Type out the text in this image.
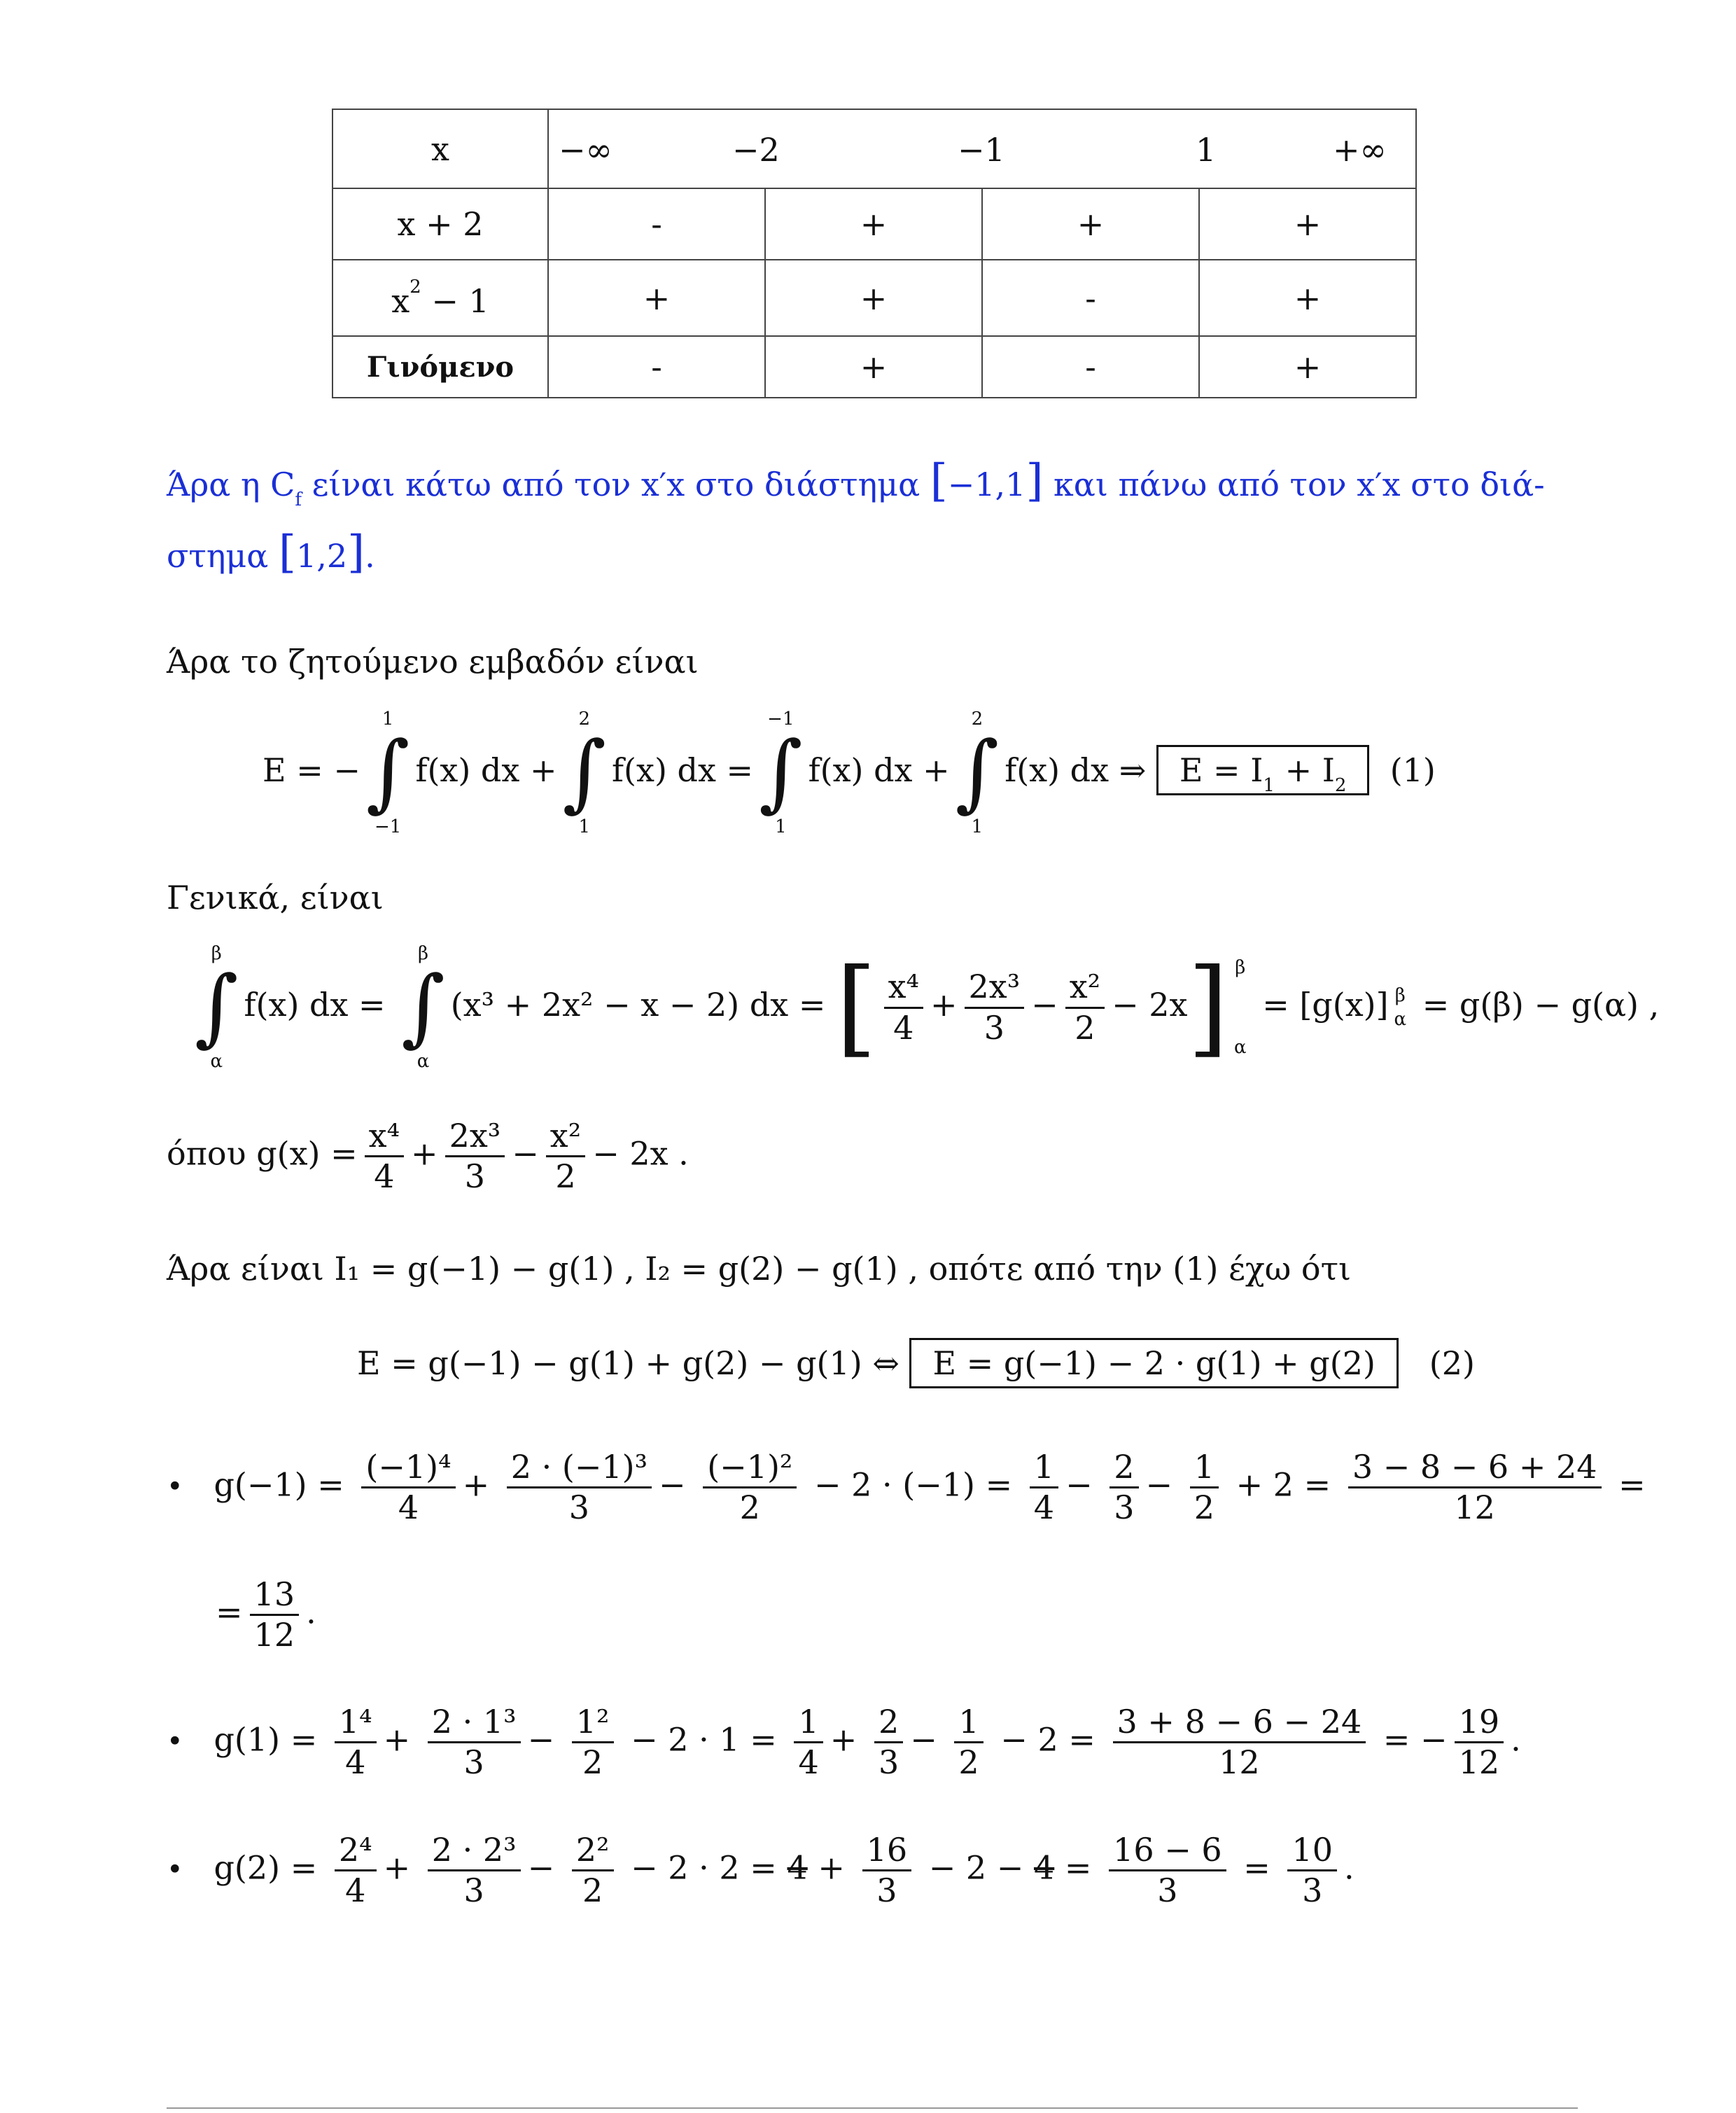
x	−∞ −2 −1 1 +∞			

x + 2	-	+	+	+
$x^2 - 1$	+	+	-	+
Γινόμενο	-	+	-	+
Άρα η $C_f$ είναι κάτω από τον x′x στο διάστημα [−1,1] και πάνω από τον x′x στο διά-
στημα [1,2].
Άρα το ζητούμενο εμβαδόν είναι
E = −
1
∫
−1
f(x) dx +
2
∫
1
f(x) dx =
−1
∫
1
f(x) dx +
2
∫
1
f(x) dx ⇒ $E = I_1 + I_2$ (1)
Γενικά, είναι
β
∫
α
f(x) dx =
β
∫
α
(x³ + 2x² − x − 2) dx = [ $\frac{\text{x⁴}}{4} + \frac{\text{2x³}}{3} - \frac{\text{x²}}{2} - 2x$] β

α
= [g(x)] β
α = g(β) − g(α) ,
όπου $g(x) = \frac{\text{x⁴}}{4} + \frac{\text{2x³}}{3} - \frac{\text{x²}}{2} - 2x$ .
Άρα είναι I₁ = g(−1) − g(1) , I₂ = g(2) − g(1) , οπότε από την (1) έχω ότι
E = g(−1) − g(1) + g(2) − g(1) ⇔ E = g(−1) − 2 · g(1) + g(2) (2)
• $g(-1) = \frac{\text{(−1)⁴}}{4} + \frac{\text{2 · (−1)³}}{3} - \frac{\text{(−1)²}}{2} - 2 \cdot (-1) = \frac{1}{4} - \frac{2}{3} - \frac{1}{2} + 2 = \frac{3 - 8 - 6 + 24}{12}$ =
= $\frac{13}{12}$ .
• $g(1) = \frac{\text{1⁴}}{4} + \frac{\text{2 · 1³}}{3} - \frac{\text{1²}}{2} - 2 \cdot 1 = \frac{1}{4} + \frac{2}{3} - \frac{1}{2} - 2 = \frac{3 + 8 - 6 - 24}{12}$ = − $\frac{19}{12}$ .
• $g(2) = \frac{\text{2⁴}}{4} + \frac{\text{2 · 2³}}{3} - \frac{\text{2²}}{2} - 2 \cdot 2 = 4 + \frac{16}{3} - 2 - 4 = \frac{16 - 6}{3} = \frac{10}{3}$ .
